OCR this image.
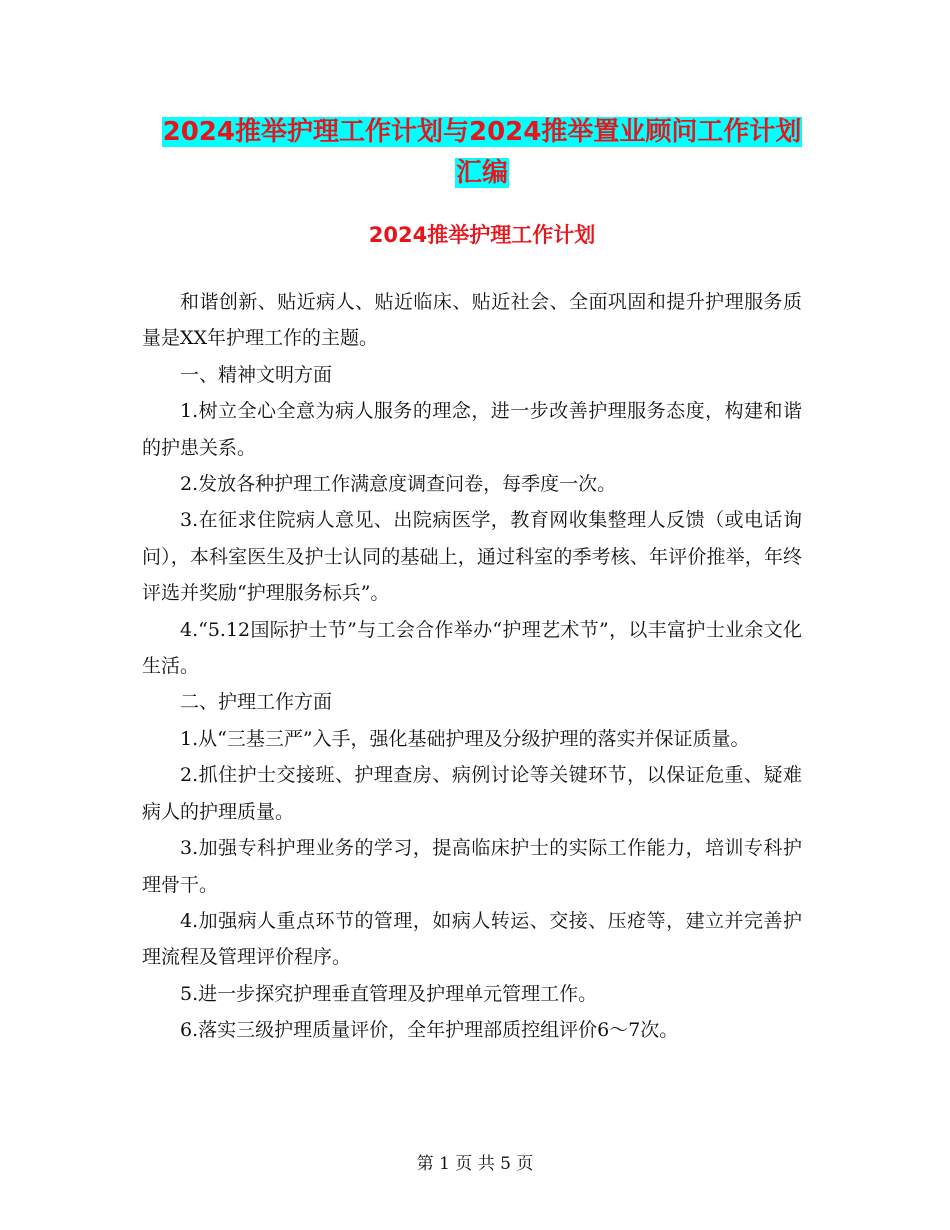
2024推举护理工作计划与2024推举置业顾问工作计划
汇编
2024推举护理工作计划

和谐创新、贴近病人、贴近临床、贴近社会、全面巩固和提升护理服务质量是XX年护理工作的主题。

一、精神文明方面

1.树立全心全意为病人服务的理念，进一步改善护理服务态度，构建和谐的护患关系。

2.发放各种护理工作满意度调查问卷，每季度一次。

3.在征求住院病人意见、出院病医学，教育网收集整理人反馈（或电话询问），本科室医生及护士认同的基础上，通过科室的季考核、年评价推举，年终评选并奖励“护理服务标兵”。

4.“5.12国际护士节”与工会合作举办“护理艺术节”，以丰富护士业余文化生活。

二、护理工作方面

1.从“三基三严”入手，强化基础护理及分级护理的落实并保证质量。

2.抓住护士交接班、护理查房、病例讨论等关键环节，以保证危重、疑难病人的护理质量。

3.加强专科护理业务的学习，提高临床护士的实际工作能力，培训专科护理骨干。

4.加强病人重点环节的管理，如病人转运、交接、压疮等，建立并完善护理流程及管理评价程序。

5.进一步探究护理垂直管理及护理单元管理工作。

6.落实三级护理质量评价，全年护理部质控组评价6～7次。

第 1 页 共 5 页
